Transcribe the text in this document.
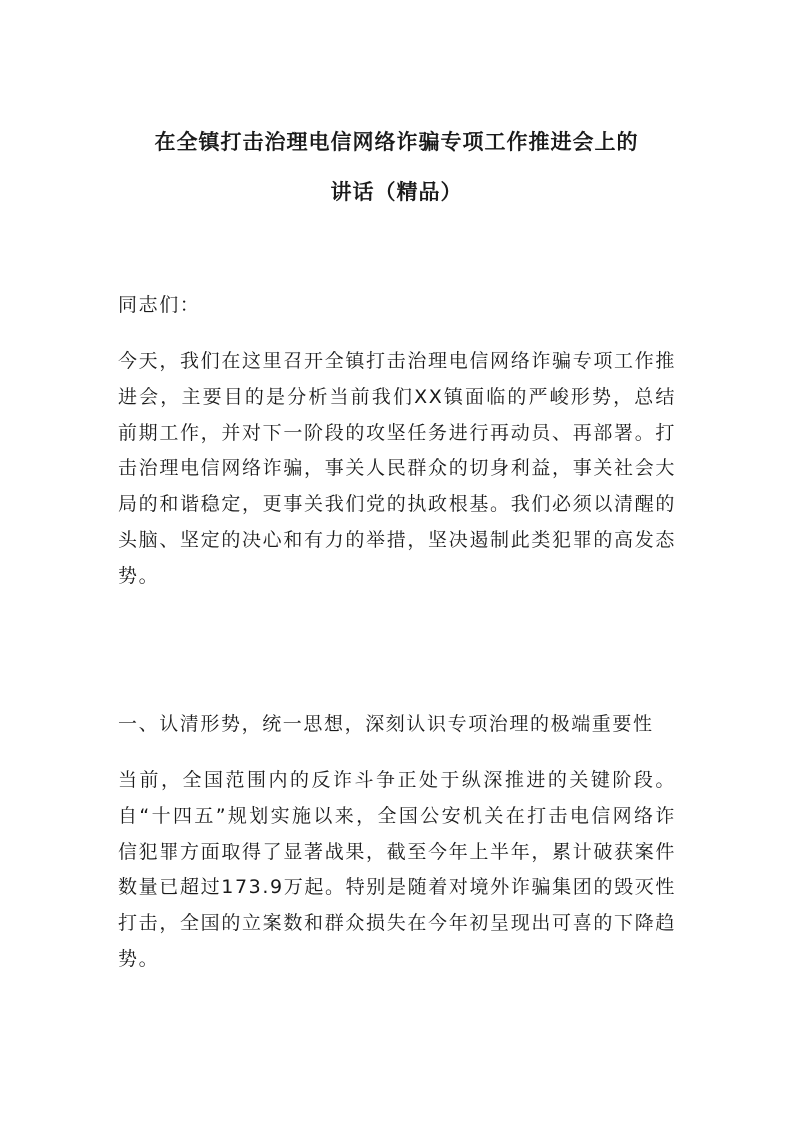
在全镇打击治理电信网络诈骗专项工作推进会上的
讲话（精品）

同志们：

今天，我们在这里召开全镇打击治理电信网络诈骗专项工作推进会，主要目的是分析当前我们XX镇面临的严峻形势，总结前期工作，并对下一阶段的攻坚任务进行再动员、再部署。打击治理电信网络诈骗，事关人民群众的切身利益，事关社会大局的和谐稳定，更事关我们党的执政根基。我们必须以清醒的头脑、坚定的决心和有力的举措，坚决遏制此类犯罪的高发态势。

一、认清形势，统一思想，深刻认识专项治理的极端重要性

当前，全国范围内的反诈斗争正处于纵深推进的关键阶段。自“十四五”规划实施以来，全国公安机关在打击电信网络诈信犯罪方面取得了显著战果，截至今年上半年，累计破获案件数量已超过173.9万起。特别是随着对境外诈骗集团的毁灭性打击，全国的立案数和群众损失在今年初呈现出可喜的下降趋势。
